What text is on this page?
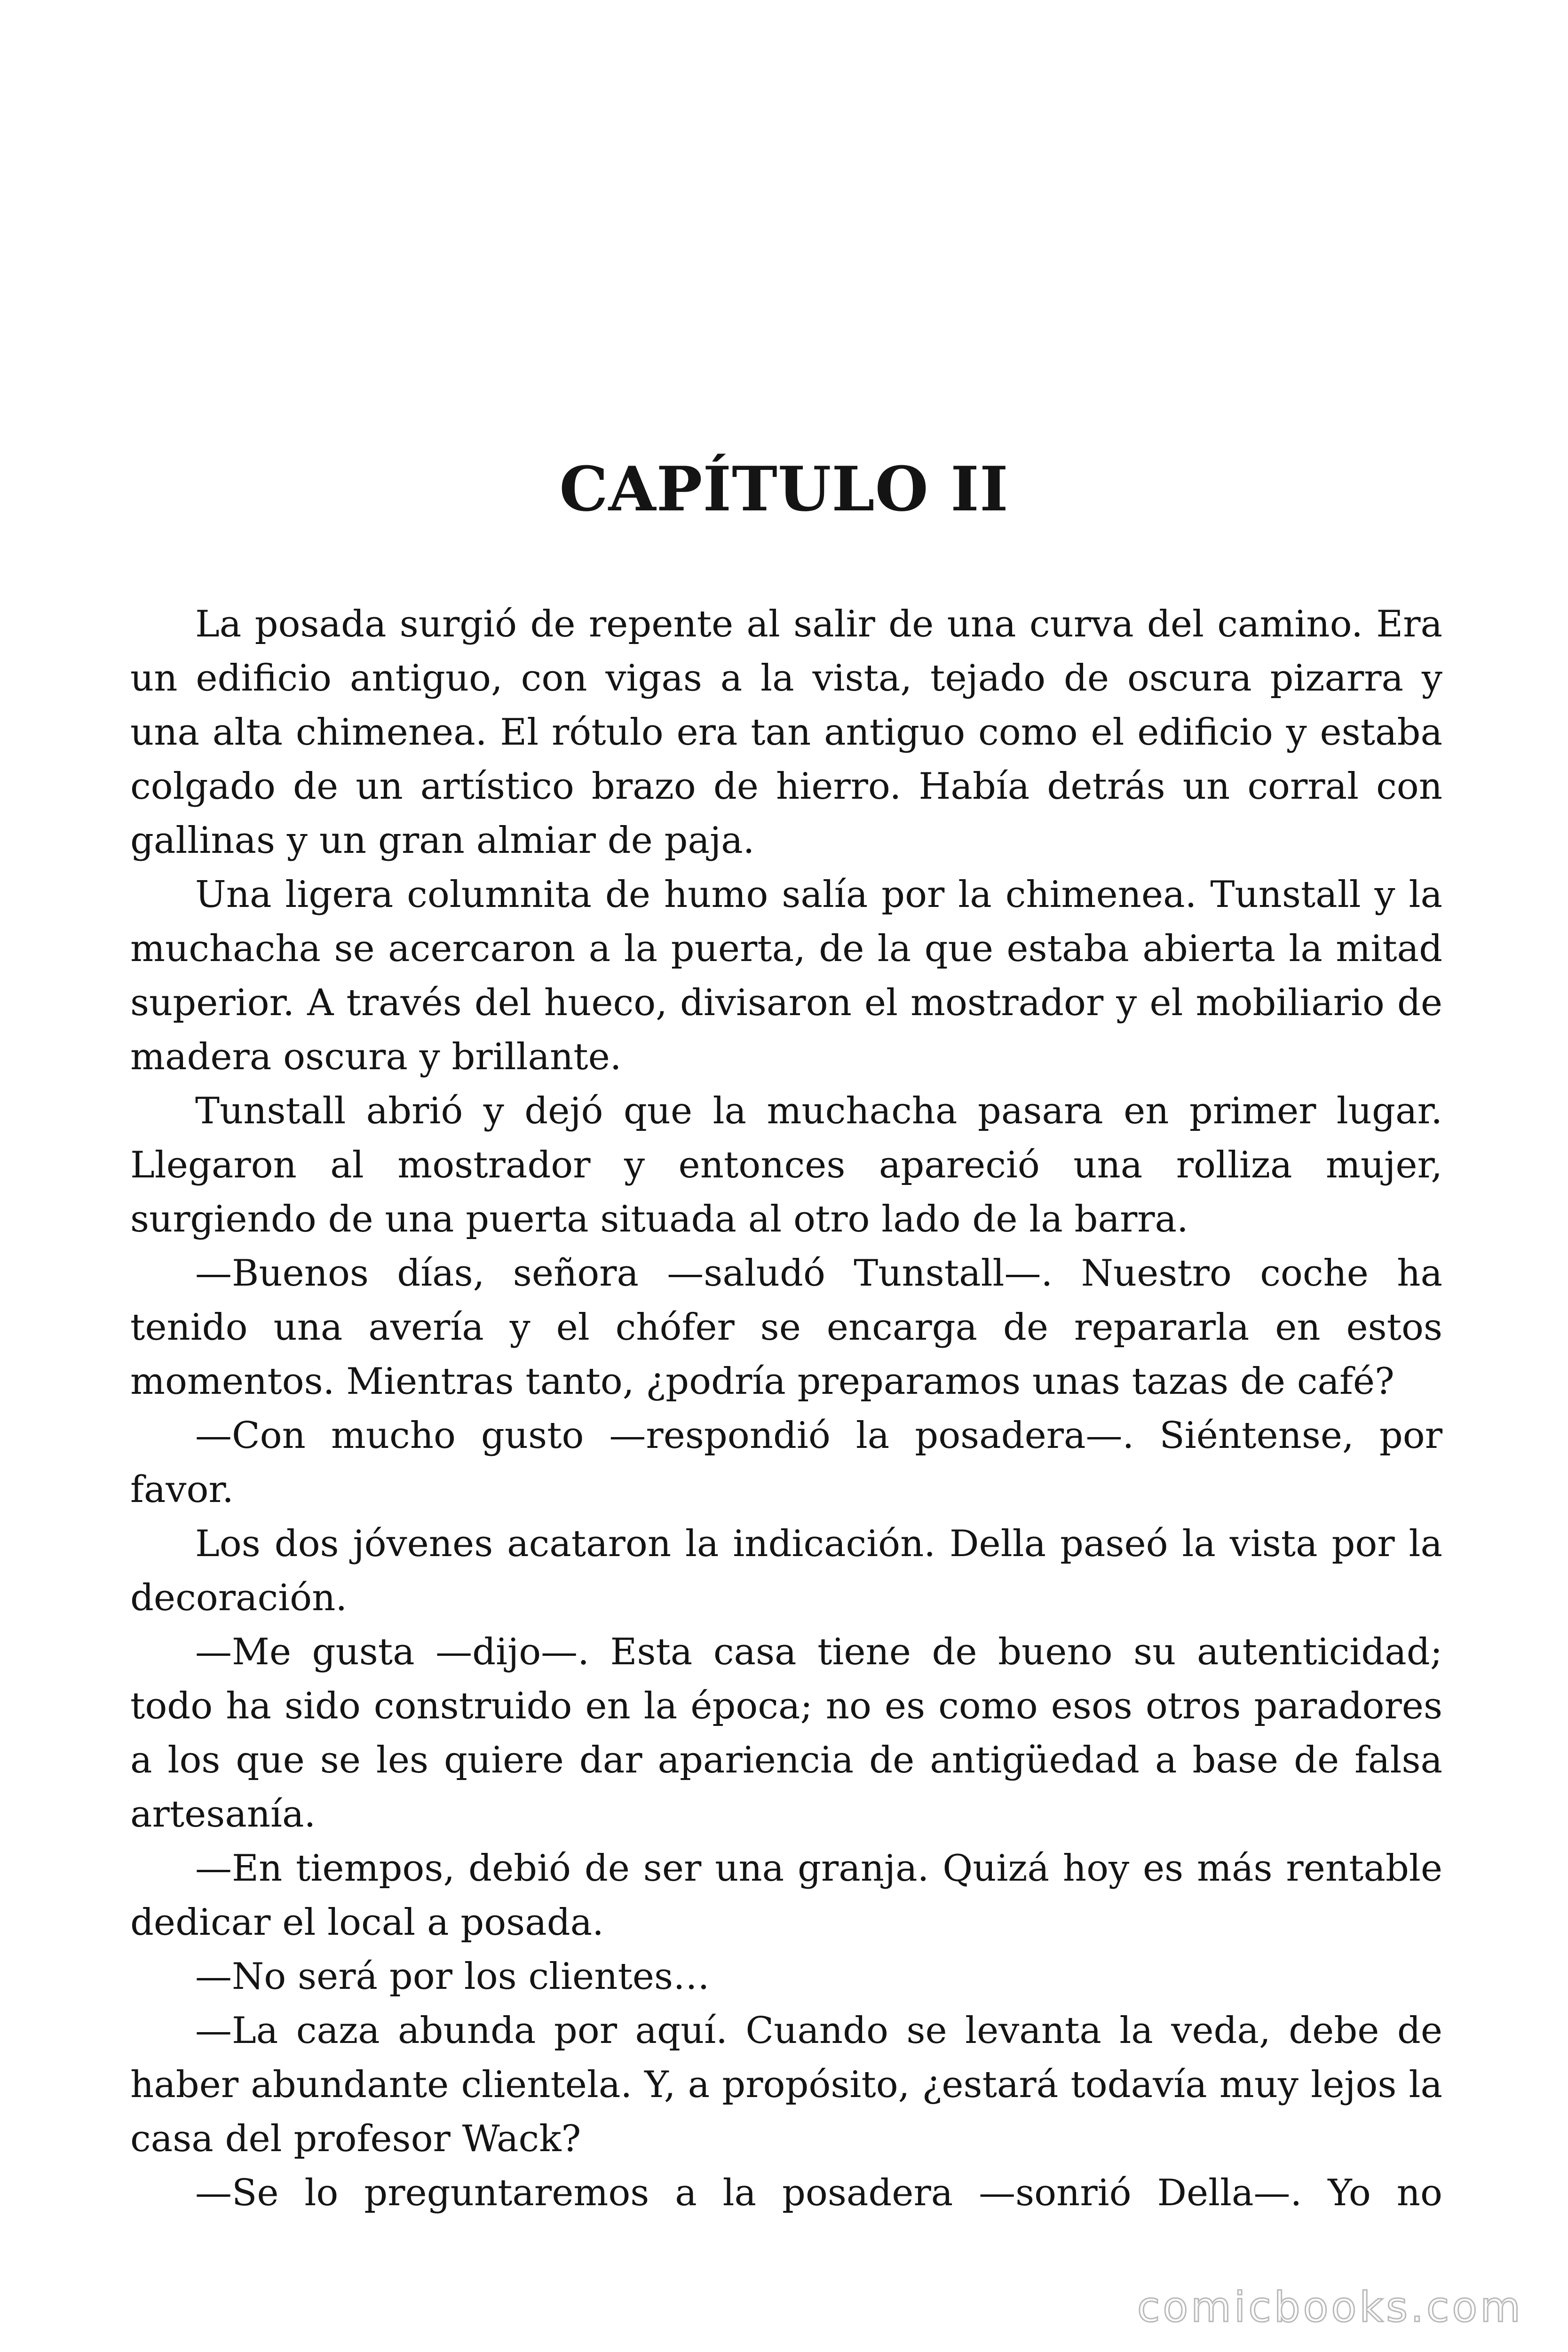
CAPÍTULO II

La posada surgió de repente al salir de una curva del camino. Era un edificio antiguo, con vigas a la vista, tejado de oscura pizarra y una alta chimenea. El rótulo era tan antiguo como el edificio y estaba colgado de un artístico brazo de hierro. Había detrás un corral con gallinas y un gran almiar de paja.

Una ligera columnita de humo salía por la chimenea. Tunstall y la muchacha se acercaron a la puerta, de la que estaba abierta la mitad superior. A través del hueco, divisaron el mostrador y el mobiliario de madera oscura y brillante.

Tunstall abrió y dejó que la muchacha pasara en primer lugar. Llegaron al mostrador y entonces apareció una rolliza mujer, surgiendo de una puerta situada al otro lado de la barra.

—Buenos días, señora —saludó Tunstall—. Nuestro coche ha tenido una avería y el chófer se encarga de repararla en estos momentos. Mientras tanto, ¿podría preparamos unas tazas de café?

—Con mucho gusto —respondió la posadera—. Siéntense, por favor.

Los dos jóvenes acataron la indicación. Della paseó la vista por la decoración.

—Me gusta —dijo—. Esta casa tiene de bueno su autenticidad; todo ha sido construido en la época; no es como esos otros paradores a los que se les quiere dar apariencia de antigüedad a base de falsa artesanía.

—En tiempos, debió de ser una granja. Quizá hoy es más rentable dedicar el local a posada.

—No será por los clientes…

—La caza abunda por aquí. Cuando se levanta la veda, debe de haber abundante clientela. Y, a propósito, ¿estará todavía muy lejos la casa del profesor Wack?

—Se lo preguntaremos a la posadera —sonrió Della—. Yo no

comicbooks.com
